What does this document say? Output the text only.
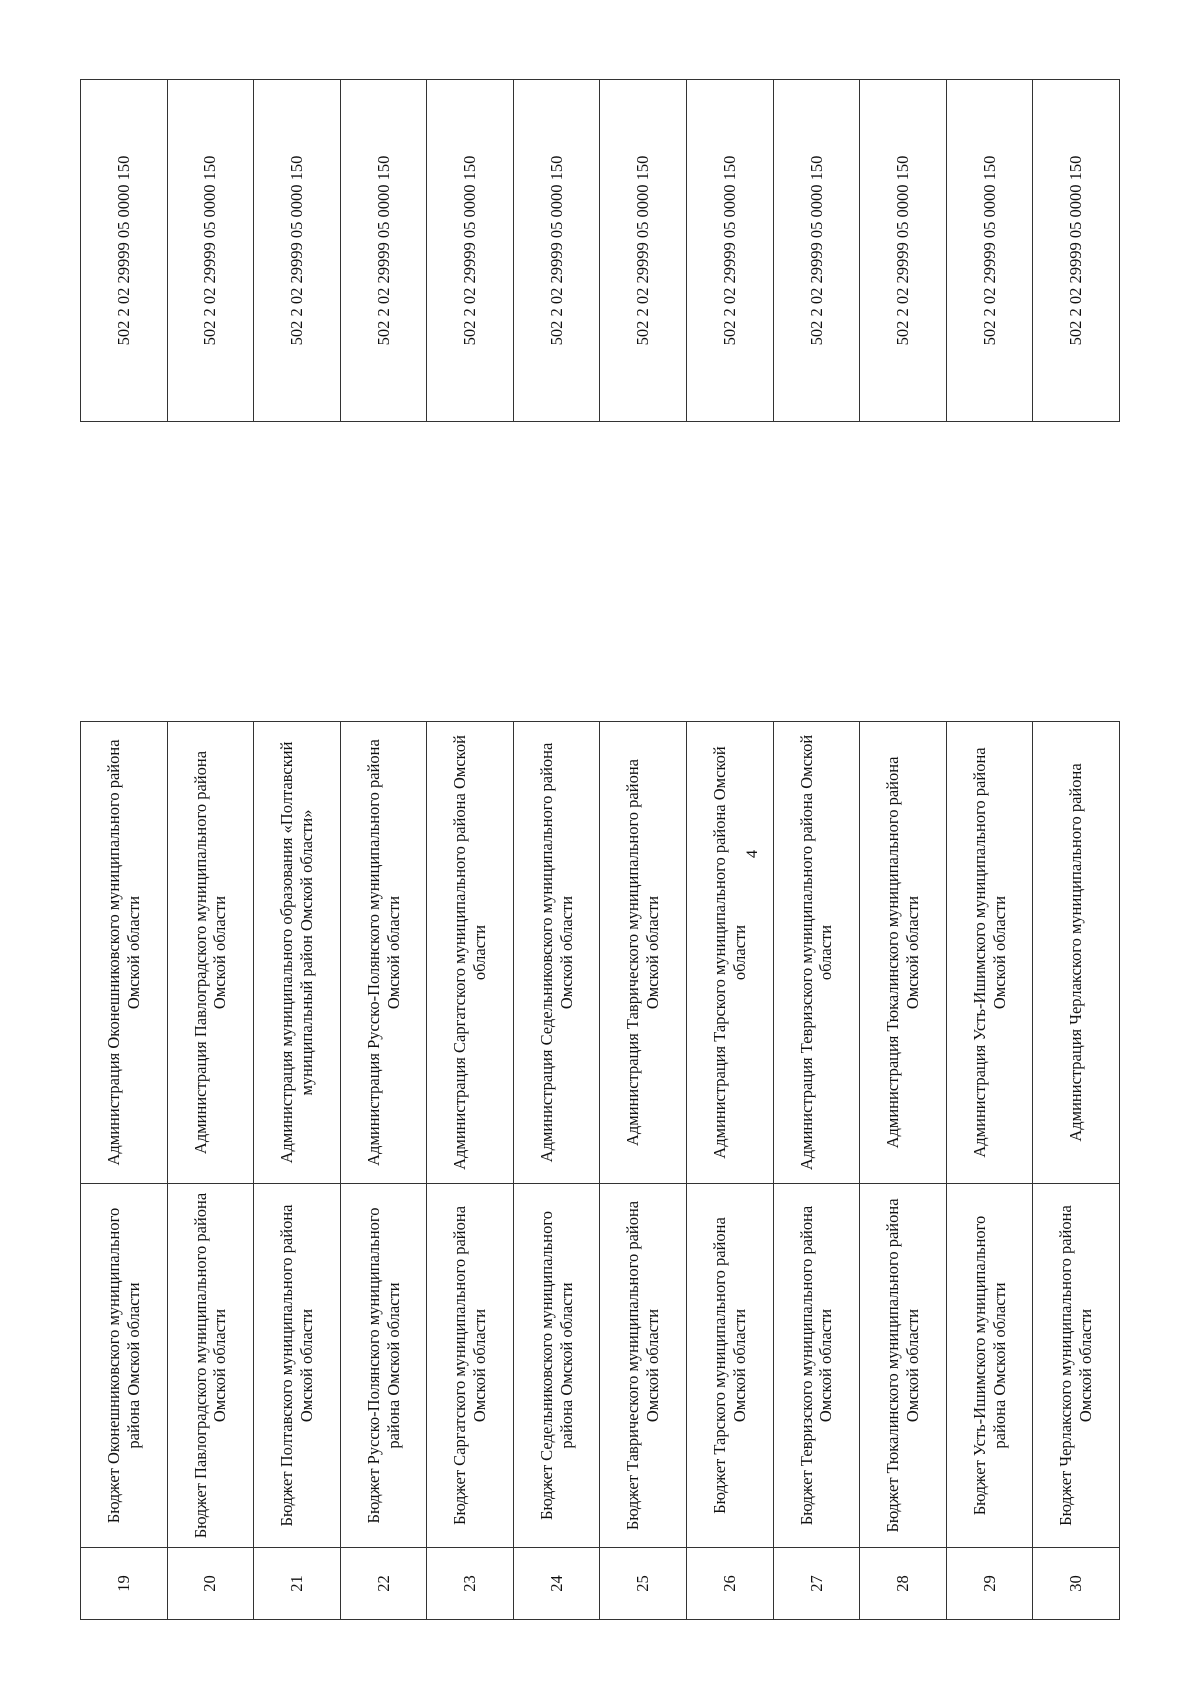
4
19	Бюджет Оконешниковского муниципального района Омской области	Администрация Оконешниковского муниципального района Омской области		502 2 02 29999 05 0000 150
20	Бюджет Павлоградского муниципального района Омской области	Администрация Павлоградского муниципального района Омской области		502 2 02 29999 05 0000 150
21	Бюджет Полтавского муниципального района Омской области	Администрация муниципального образования «Полтавский муниципальный район Омской области»		502 2 02 29999 05 0000 150
22	Бюджет Русско-Полянского муниципального района Омской области	Администрация Русско-Полянского муниципального района Омской области		502 2 02 29999 05 0000 150
23	Бюджет Саргатского муниципального района Омской области	Администрация Саргатского муниципального района Омской области		502 2 02 29999 05 0000 150
24	Бюджет Седельниковского муниципального района Омской области	Администрация Седельниковского муниципального района Омской области		502 2 02 29999 05 0000 150
25	Бюджет Таврического муниципального района Омской области	Администрация Таврического муниципального района Омской области		502 2 02 29999 05 0000 150
26	Бюджет Тарского муниципального района Омской области	Администрация Тарского муниципального района Омской области		502 2 02 29999 05 0000 150
27	Бюджет Тевризского муниципального района Омской области	Администрация Тевризского муниципального района Омской области		502 2 02 29999 05 0000 150
28	Бюджет Тюкалинского муниципального района Омской области	Администрация Тюкалинского муниципального района Омской области		502 2 02 29999 05 0000 150
29	Бюджет Усть-Ишимского муниципального района Омской области	Администрация Усть-Ишимского муниципального района Омской области		502 2 02 29999 05 0000 150
30	Бюджет Черлакского муниципального района Омской области	Администрация Черлакского муниципального района		502 2 02 29999 05 0000 150
